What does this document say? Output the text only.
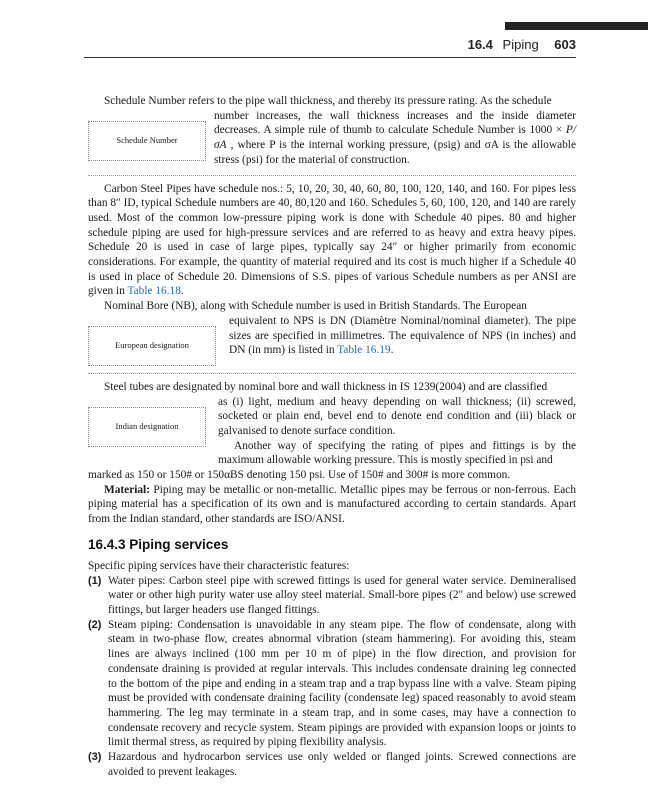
16.4 Piping 603

Schedule Number refers to the pipe wall thickness, and thereby its pressure rating. As the schedule

Schedule Number

number increases, the wall thickness increases and the inside diameter decreases. A simple rule of thumb to calculate Schedule Number is 1000 × P/σA , where P is the internal working pressure, (psig) and σA is the allowable stress (psi) for the material of construction.

Carbon Steel Pipes have schedule nos.: 5, 10, 20, 30, 40, 60, 80, 100, 120, 140, and 160. For pipes less than 8″ ID, typical Schedule numbers are 40, 80,120 and 160. Schedules 5, 60, 100, 120, and 140 are rarely used. Most of the common low-pressure piping work is done with Schedule 40 pipes. 80 and higher schedule piping are used for high-pressure services and are referred to as heavy and extra heavy pipes. Schedule 20 is used in case of large pipes, typically say 24″ or higher primarily from economic considerations. For example, the quantity of material required and its cost is much higher if a Schedule 40 is used in place of Schedule 20. Dimensions of S.S. pipes of various Schedule numbers as per ANSI are given in Table 16.18.

Nominal Bore (NB), along with Schedule number is used in British Standards. The European

European designation

equivalent to NPS is DN (Diamètre Nominal/nominal diameter). The pipe sizes are specified in millimetres. The equivalence of NPS (in inches) and DN (in mm) is listed in Table 16.19.

Steel tubes are designated by nominal bore and wall thickness in IS 1239(2004) and are classified

Indian designation

as (i) light, medium and heavy depending on wall thickness; (ii) screwed, socketed or plain end, bevel end to denote end condition and (iii) black or galvanised to denote surface condition.

Another way of specifying the rating of pipes and fittings is by the maximum allowable working pressure. This is mostly specified in psi and

marked as 150 or 150# or 150αBS denoting 150 psi. Use of 150# and 300# is more common.

Material: Piping may be metallic or non-metallic. Metallic pipes may be ferrous or non-ferrous. Each piping material has a specification of its own and is manufactured according to certain standards. Apart from the Indian standard, other standards are ISO/ANSI.

16.4.3 Piping services

Specific piping services have their characteristic features:

(1) Water pipes: Carbon steel pipe with screwed fittings is used for general water service. Demineralised water or other high purity water use alloy steel material. Small-bore pipes (2″ and below) use screwed fittings, but larger headers use flanged fittings.
(2) Steam piping: Condensation is unavoidable in any steam pipe. The flow of condensate, along with steam in two-phase flow, creates abnormal vibration (steam hammering). For avoiding this, steam lines are always inclined (100 mm per 10 m of pipe) in the flow direction, and provision for condensate draining is provided at regular intervals. This includes condensate draining leg connected to the bottom of the pipe and ending in a steam trap and a trap bypass line with a valve. Steam piping must be provided with condensate draining facility (condensate leg) spaced reasonably to avoid steam hammering. The leg may terminate in a steam trap, and in some cases, may have a connection to condensate recovery and recycle system. Steam pipings are provided with expansion loops or joints to limit thermal stress, as required by piping flexibility analysis.
(3) Hazardous and hydrocarbon services use only welded or flanged joints. Screwed connections are avoided to prevent leakages.
